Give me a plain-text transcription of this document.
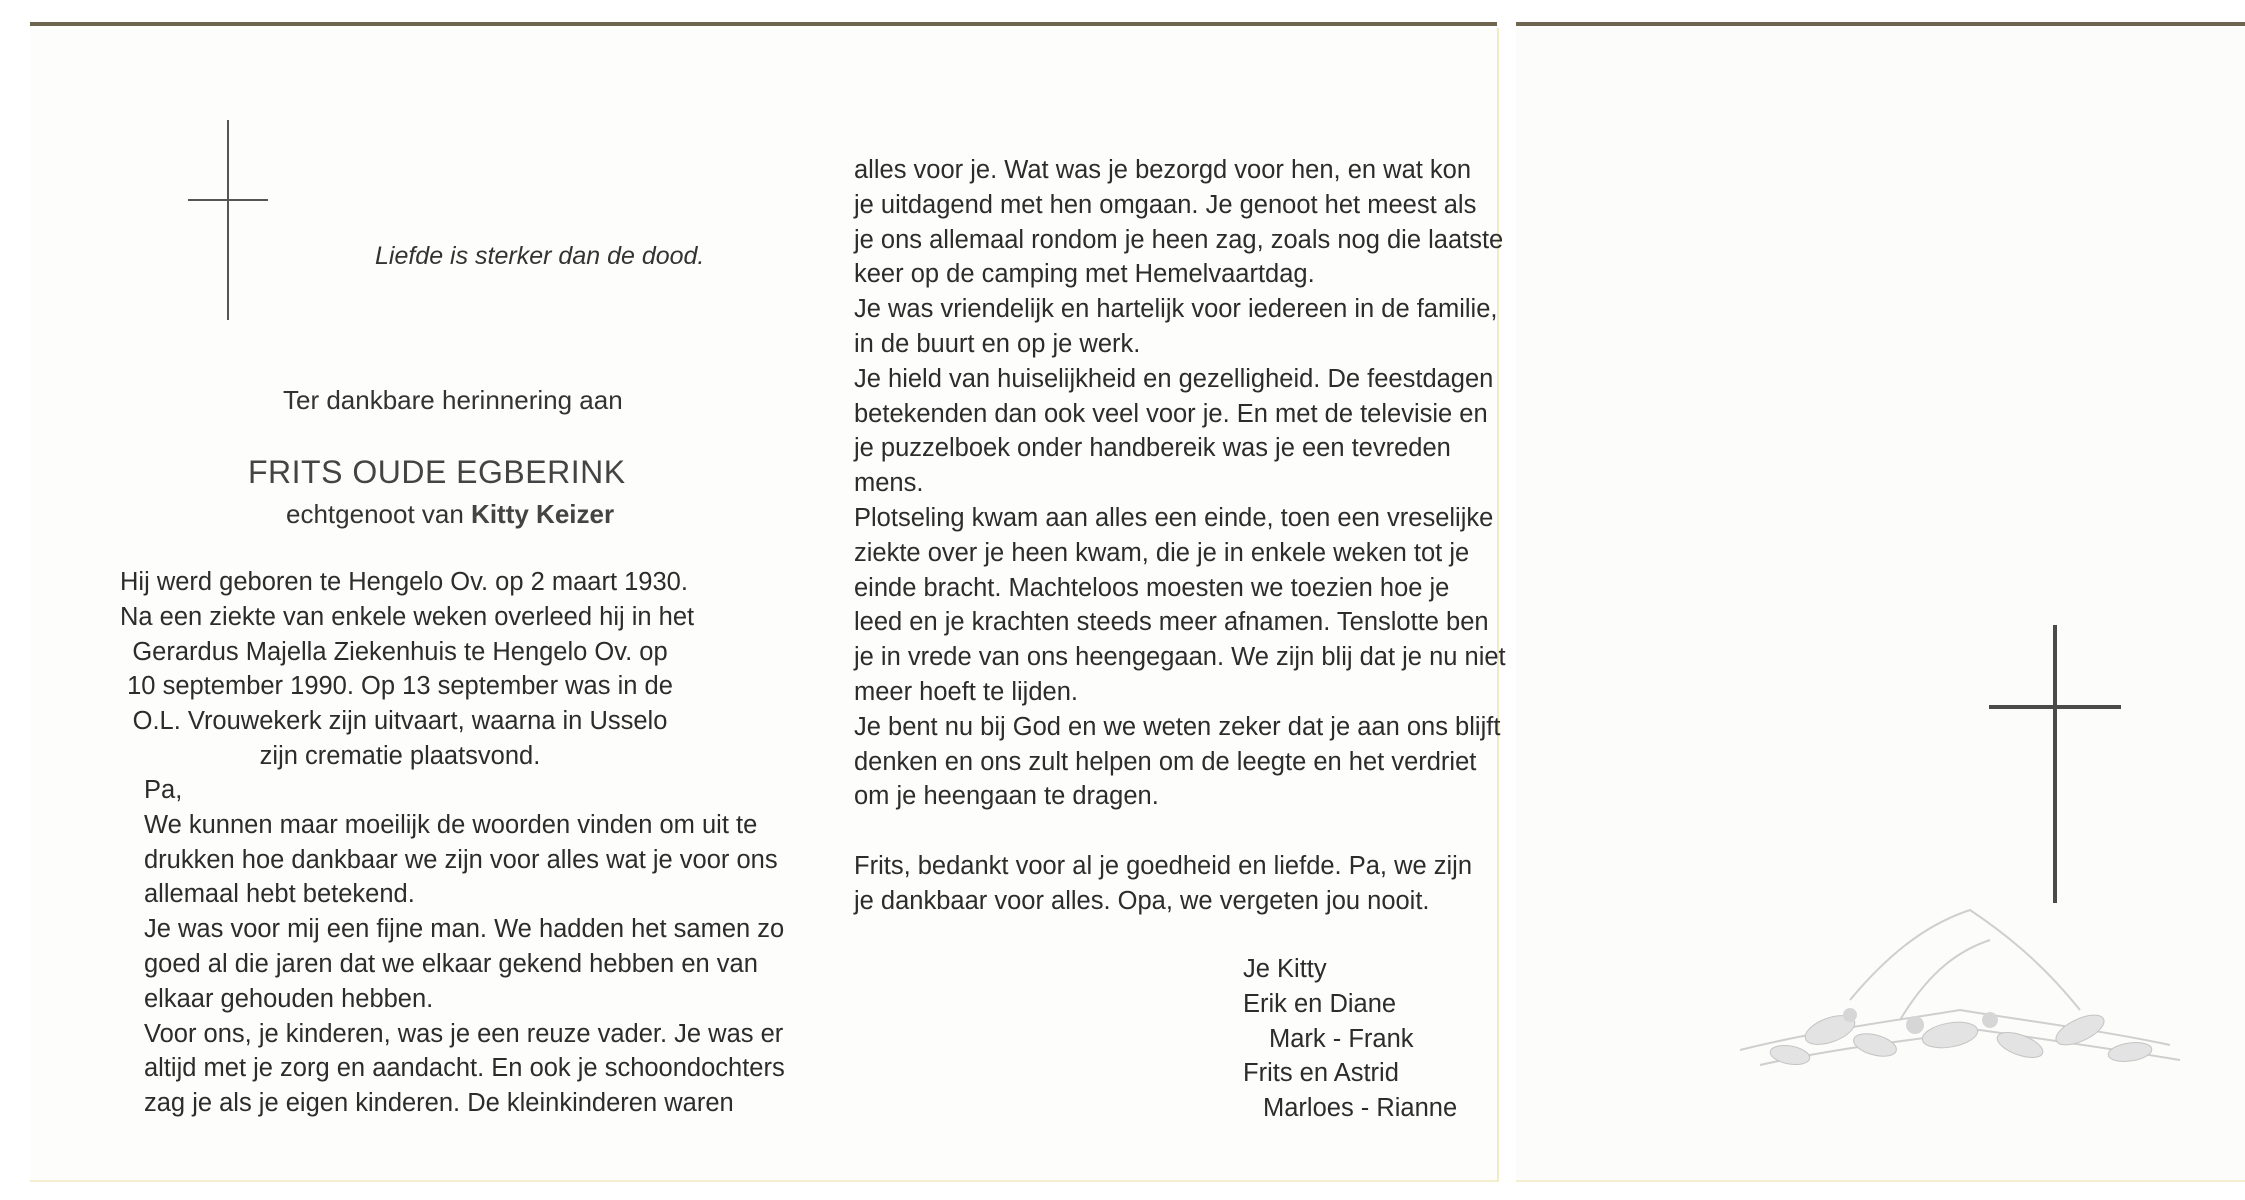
Liefde is sterker dan de dood.
Ter dankbare herinnering aan
FRITS OUDE EGBERINK
echtgenoot van Kitty Keizer
Hij werd geboren te Hengelo Ov. op 2 maart 1930.
Na een ziekte van enkele weken overleed hij in het
Gerardus Majella Ziekenhuis te Hengelo Ov. op
10 september 1990. Op 13 september was in de
O.L. Vrouwekerk zijn uitvaart, waarna in Usselo
zijn crematie plaatsvond.
Pa,
We kunnen maar moeilijk de woorden vinden om uit te
drukken hoe dankbaar we zijn voor alles wat je voor ons
allemaal hebt betekend.
Je was voor mij een fijne man. We hadden het samen zo
goed al die jaren dat we elkaar gekend hebben en van
elkaar gehouden hebben.
Voor ons, je kinderen, was je een reuze vader. Je was er
altijd met je zorg en aandacht. En ook je schoondochters
zag je als je eigen kinderen. De kleinkinderen waren
alles voor je. Wat was je bezorgd voor hen, en wat kon
je uitdagend met hen omgaan. Je genoot het meest als
je ons allemaal rondom je heen zag, zoals nog die laatste
keer op de camping met Hemelvaartdag.
Je was vriendelijk en hartelijk voor iedereen in de familie,
in de buurt en op je werk.
Je hield van huiselijkheid en gezelligheid. De feestdagen
betekenden dan ook veel voor je. En met de televisie en
je puzzelboek onder handbereik was je een tevreden
mens.
Plotseling kwam aan alles een einde, toen een vreselijke
ziekte over je heen kwam, die je in enkele weken tot je
einde bracht. Machteloos moesten we toezien hoe je
leed en je krachten steeds meer afnamen. Tenslotte ben
je in vrede van ons heengegaan. We zijn blij dat je nu niet
meer hoeft te lijden.
Je bent nu bij God en we weten zeker dat je aan ons blijft
denken en ons zult helpen om de leegte en het verdriet
om je heengaan te dragen.
Frits, bedankt voor al je goedheid en liefde. Pa, we zijn
je dankbaar voor alles. Opa, we vergeten jou nooit.
Je Kitty
Erik en Diane
Mark - Frank
Frits en Astrid
Marloes - Rianne
